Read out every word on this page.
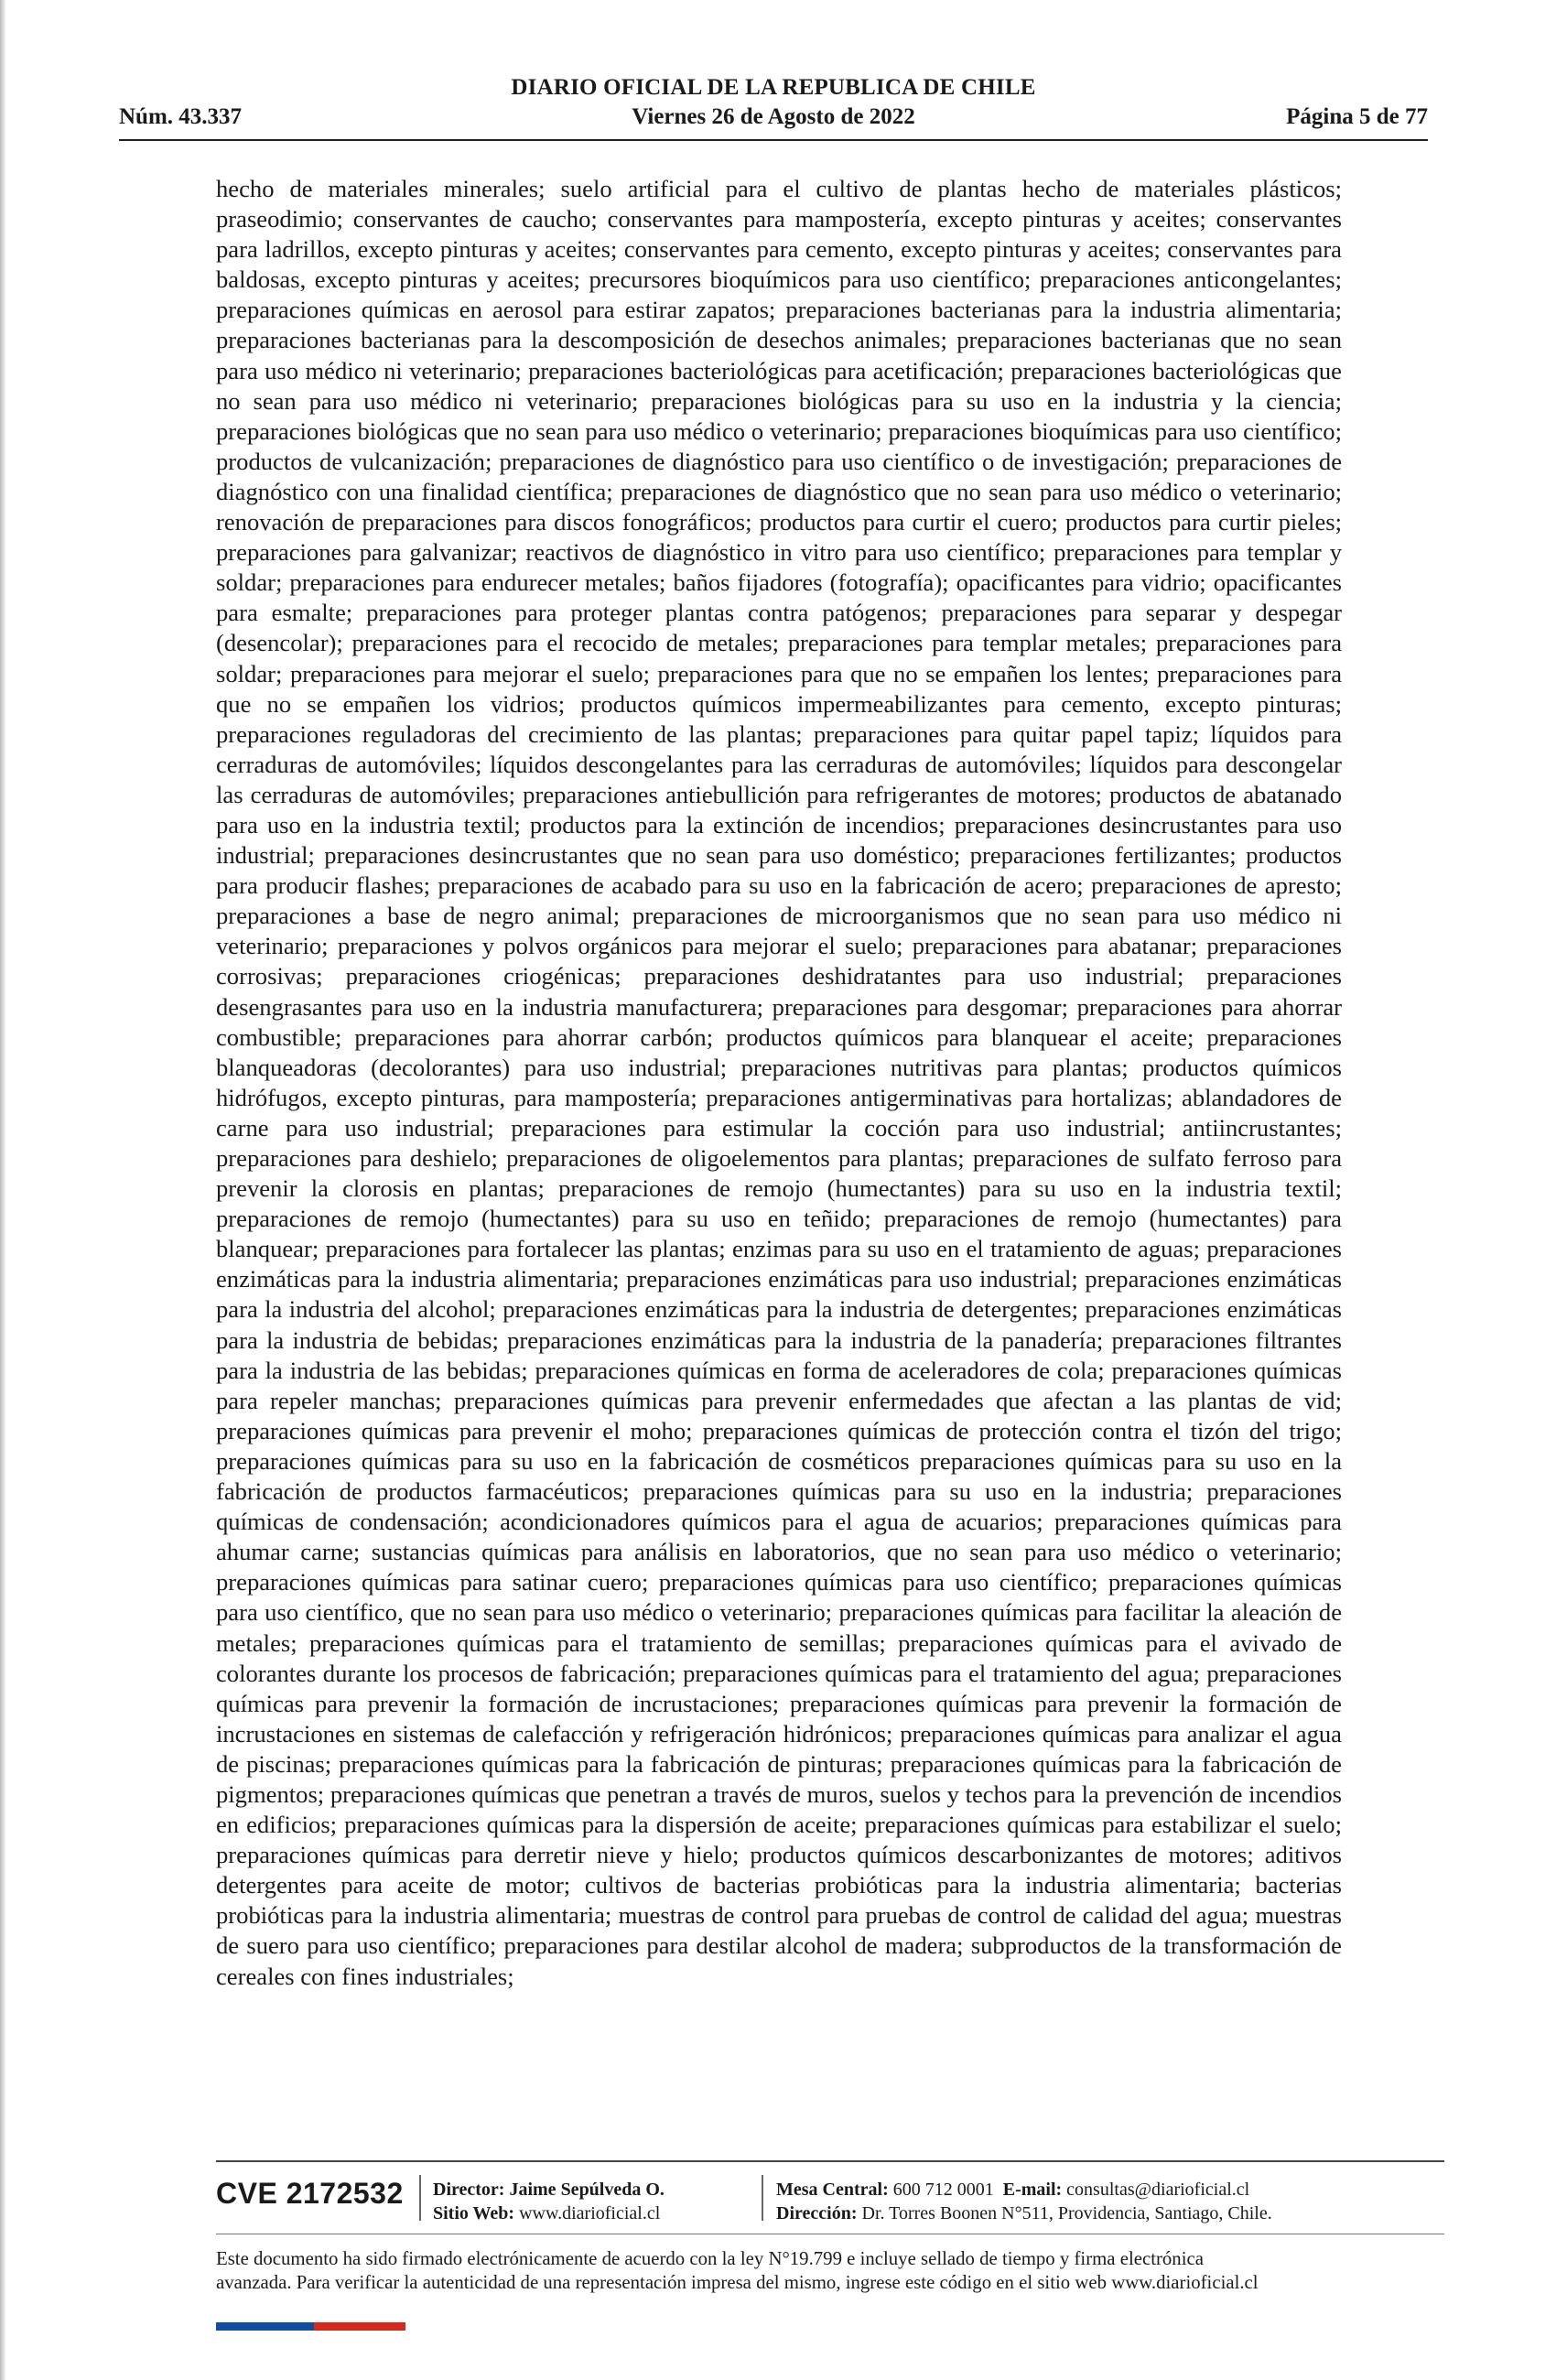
DIARIO OFICIAL DE LA REPUBLICA DE CHILE
Núm. 43.337	Viernes 26 de Agosto de 2022	Página 5 de 77
hecho de materiales minerales; suelo artificial para el cultivo de plantas hecho de materiales plásticos; praseodimio; conservantes de caucho; conservantes para mampostería, excepto pinturas y aceites; conservantes para ladrillos, excepto pinturas y aceites; conservantes para cemento, excepto pinturas y aceites; conservantes para baldosas, excepto pinturas y aceites; precursores bioquímicos para uso científico; preparaciones anticongelantes; preparaciones químicas en aerosol para estirar zapatos; preparaciones bacterianas para la industria alimentaria; preparaciones bacterianas para la descomposición de desechos animales; preparaciones bacterianas que no sean para uso médico ni veterinario; preparaciones bacteriológicas para acetificación; preparaciones bacteriológicas que no sean para uso médico ni veterinario; preparaciones biológicas para su uso en la industria y la ciencia; preparaciones biológicas que no sean para uso médico o veterinario; preparaciones bioquímicas para uso científico; productos de vulcanización; preparaciones de diagnóstico para uso científico o de investigación; preparaciones de diagnóstico con una finalidad científica; preparaciones de diagnóstico que no sean para uso médico o veterinario; renovación de preparaciones para discos fonográficos; productos para curtir el cuero; productos para curtir pieles; preparaciones para galvanizar; reactivos de diagnóstico in vitro para uso científico; preparaciones para templar y soldar; preparaciones para endurecer metales; baños fijadores (fotografía); opacificantes para vidrio; opacificantes para esmalte; preparaciones para proteger plantas contra patógenos; preparaciones para separar y despegar (desencolar); preparaciones para el recocido de metales; preparaciones para templar metales; preparaciones para soldar; preparaciones para mejorar el suelo; preparaciones para que no se empañen los lentes; preparaciones para que no se empañen los vidrios; productos químicos impermeabilizantes para cemento, excepto pinturas; preparaciones reguladoras del crecimiento de las plantas; preparaciones para quitar papel tapiz; líquidos para cerraduras de automóviles; líquidos descongelantes para las cerraduras de automóviles; líquidos para descongelar las cerraduras de automóviles; preparaciones antiebullición para refrigerantes de motores; productos de abatanado para uso en la industria textil; productos para la extinción de incendios; preparaciones desincrustantes para uso industrial; preparaciones desincrustantes que no sean para uso doméstico; preparaciones fertilizantes; productos para producir flashes; preparaciones de acabado para su uso en la fabricación de acero; preparaciones de apresto; preparaciones a base de negro animal; preparaciones de microorganismos que no sean para uso médico ni veterinario; preparaciones y polvos orgánicos para mejorar el suelo; preparaciones para abatanar; preparaciones corrosivas; preparaciones criogénicas; preparaciones deshidratantes para uso industrial; preparaciones desengrasantes para uso en la industria manufacturera; preparaciones para desgomar; preparaciones para ahorrar combustible; preparaciones para ahorrar carbón; productos químicos para blanquear el aceite; preparaciones blanqueadoras (decolorantes) para uso industrial; preparaciones nutritivas para plantas; productos químicos hidrófugos, excepto pinturas, para mampostería; preparaciones antigerminativas para hortalizas; ablandadores de carne para uso industrial; preparaciones para estimular la cocción para uso industrial; antiincrustantes; preparaciones para deshielo; preparaciones de oligoelementos para plantas; preparaciones de sulfato ferroso para prevenir la clorosis en plantas; preparaciones de remojo (humectantes) para su uso en la industria textil; preparaciones de remojo (humectantes) para su uso en teñido; preparaciones de remojo (humectantes) para blanquear; preparaciones para fortalecer las plantas; enzimas para su uso en el tratamiento de aguas; preparaciones enzimáticas para la industria alimentaria; preparaciones enzimáticas para uso industrial; preparaciones enzimáticas para la industria del alcohol; preparaciones enzimáticas para la industria de detergentes; preparaciones enzimáticas para la industria de bebidas; preparaciones enzimáticas para la industria de la panadería; preparaciones filtrantes para la industria de las bebidas; preparaciones químicas en forma de aceleradores de cola; preparaciones químicas para repeler manchas; preparaciones químicas para prevenir enfermedades que afectan a las plantas de vid; preparaciones químicas para prevenir el moho; preparaciones químicas de protección contra el tizón del trigo; preparaciones químicas para su uso en la fabricación de cosméticos preparaciones químicas para su uso en la fabricación de productos farmacéuticos; preparaciones químicas para su uso en la industria; preparaciones químicas de condensación; acondicionadores químicos para el agua de acuarios; preparaciones químicas para ahumar carne; sustancias químicas para análisis en laboratorios, que no sean para uso médico o veterinario; preparaciones químicas para satinar cuero; preparaciones químicas para uso científico; preparaciones químicas para uso científico, que no sean para uso médico o veterinario; preparaciones químicas para facilitar la aleación de metales; preparaciones químicas para el tratamiento de semillas; preparaciones químicas para el avivado de colorantes durante los procesos de fabricación; preparaciones químicas para el tratamiento del agua; preparaciones químicas para prevenir la formación de incrustaciones; preparaciones químicas para prevenir la formación de incrustaciones en sistemas de calefacción y refrigeración hidrónicos; preparaciones químicas para analizar el agua de piscinas; preparaciones químicas para la fabricación de pinturas; preparaciones químicas para la fabricación de pigmentos; preparaciones químicas que penetran a través de muros, suelos y techos para la prevención de incendios en edificios; preparaciones químicas para la dispersión de aceite; preparaciones químicas para estabilizar el suelo; preparaciones químicas para derretir nieve y hielo; productos químicos descarbonizantes de motores; aditivos detergentes para aceite de motor; cultivos de bacterias probióticas para la industria alimentaria; bacterias probióticas para la industria alimentaria; muestras de control para pruebas de control de calidad del agua; muestras de suero para uso científico; preparaciones para destilar alcohol de madera; subproductos de la transformación de cereales con fines industriales;
CVE 2172532 Director: Jaime Sepúlveda O.
Sitio Web: www.diarioficial.cl
Mesa Central: 600 712 0001 E-mail: consultas@diarioficial.cl
Dirección: Dr. Torres Boonen N°511, Providencia, Santiago, Chile.
Este documento ha sido firmado electrónicamente de acuerdo con la ley N°19.799 e incluye sellado de tiempo y firma electrónica
avanzada. Para verificar la autenticidad de una representación impresa del mismo, ingrese este código en el sitio web www.diarioficial.cl
